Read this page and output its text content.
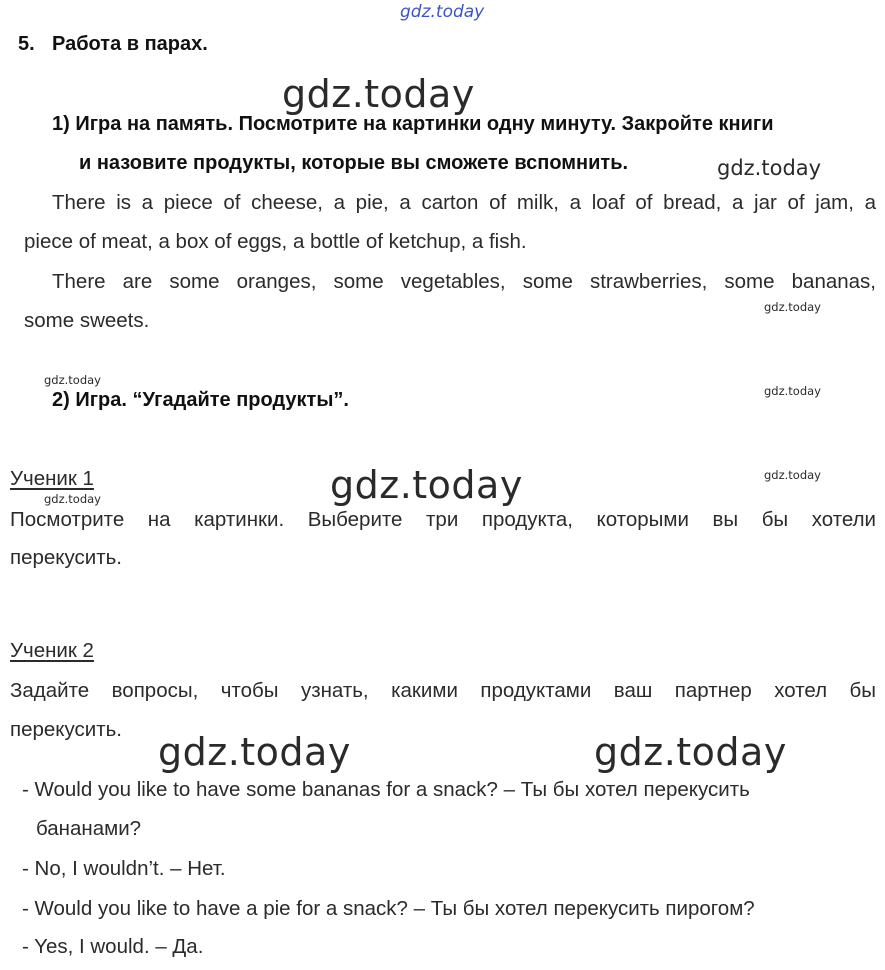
gdz.today
gdz.today
gdz.today
gdz.today
gdz.today
gdz.today
gdz.today
gdz.today	gdz.today
gdz.today	gdz.today
5. Работа в парах.
1) Игра на память. Посмотрите на картинки одну минуту. Закройте книги
и назовите продукты, которые вы сможете вспомнить.
There is a piece of cheese, a pie, a carton of milk, a loaf of bread, a jar of jam, a
piece of meat, a box of eggs, a bottle of ketchup, a fish.
There are some oranges, some vegetables, some strawberries, some bananas,
some sweets.
2) Игра. “Угадайте продукты”.
Ученик 1
Посмотрите на картинки. Выберите три продукта, которыми вы бы хотели
перекусить.
Ученик 2
Задайте вопросы, чтобы узнать, какими продуктами ваш партнер хотел бы
перекусить.
- Would you like to have some bananas for a snack? – Ты бы хотел перекусить
бананами?
- No, I wouldn’t. – Нет.
- Would you like to have a pie for a snack? – Ты бы хотел перекусить пирогом?
- Yes, I would. – Да.
